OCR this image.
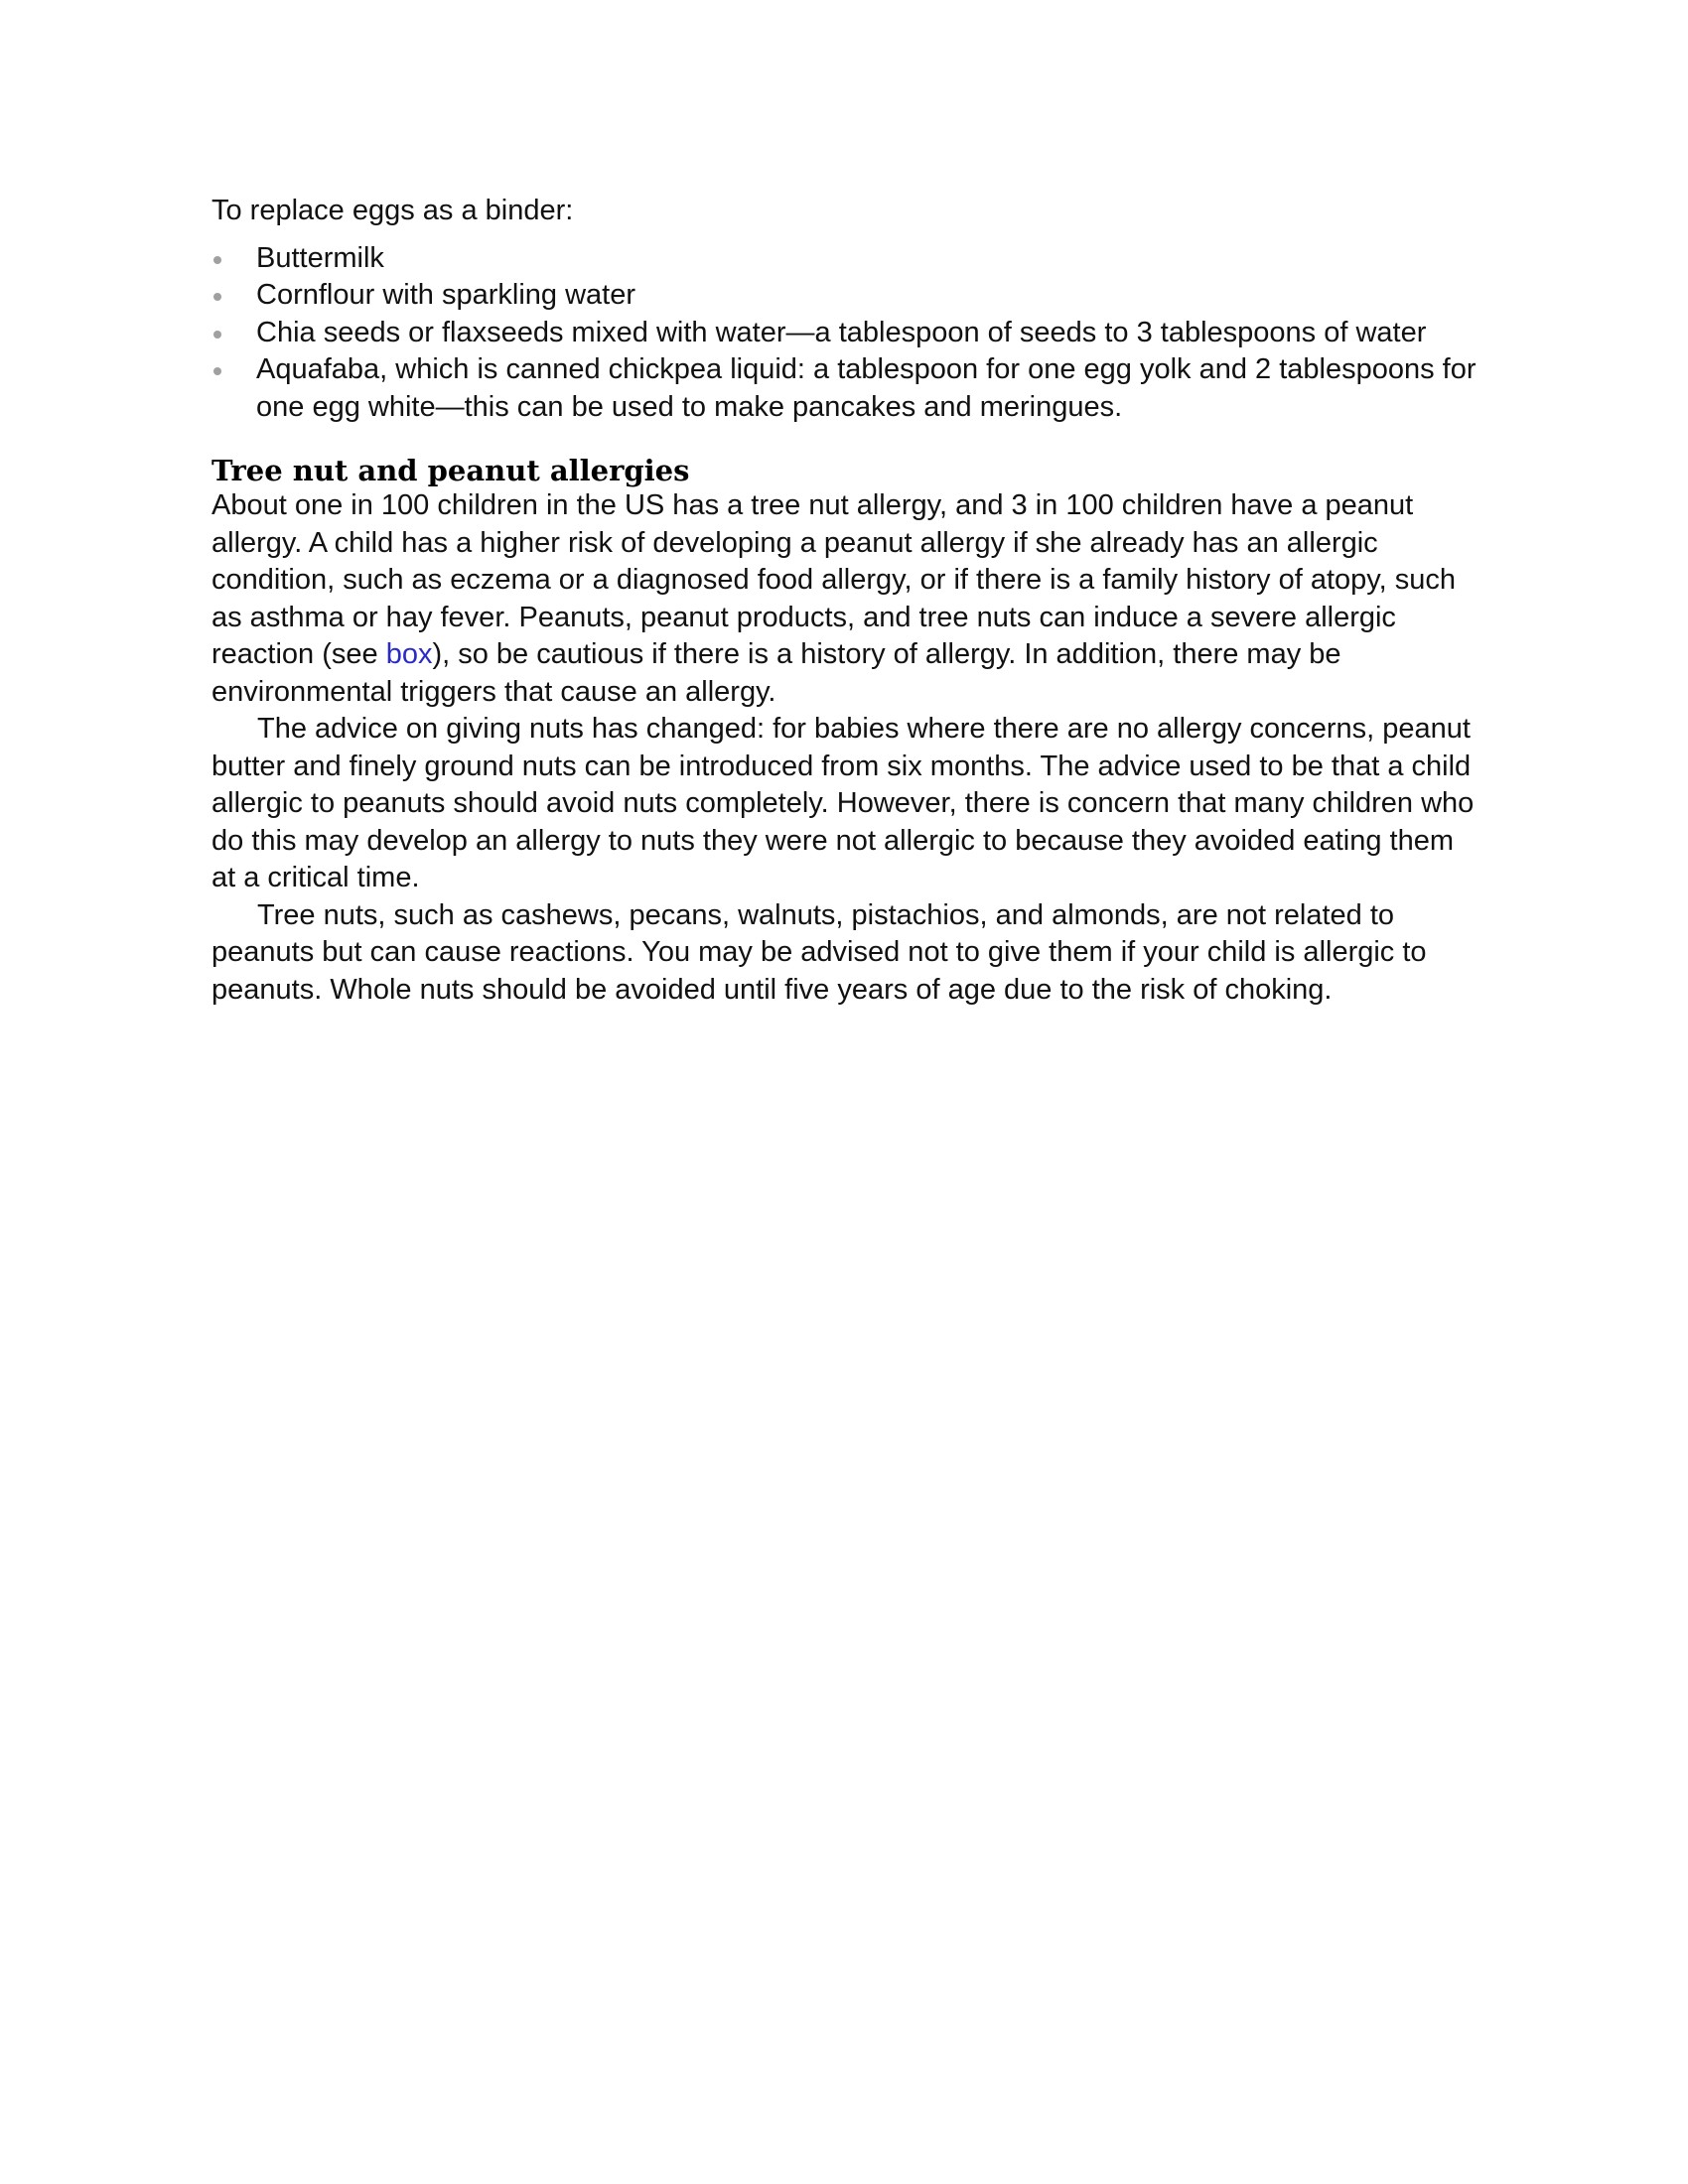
To replace eggs as a binder:

Buttermilk
Cornflour with sparkling water
Chia seeds or flaxseeds mixed with water—a tablespoon of seeds to 3 tablespoons of water
Aquafaba, which is canned chickpea liquid: a tablespoon for one egg yolk and 2 tablespoons for one egg white—this can be used to make pancakes and meringues.
Tree nut and peanut allergies

About one in 100 children in the US has a tree nut allergy, and 3 in 100 children have a peanut allergy. A child has a higher risk of developing a peanut allergy if she already has an allergic condition, such as eczema or a diagnosed food allergy, or if there is a family history of atopy, such as asthma or hay fever. Peanuts, peanut products, and tree nuts can induce a severe allergic reaction (see box), so be cautious if there is a history of allergy. In addition, there may be environmental triggers that cause an allergy.

The advice on giving nuts has changed: for babies where there are no allergy concerns, peanut butter and finely ground nuts can be introduced from six months. The advice used to be that a child allergic to peanuts should avoid nuts completely. However, there is concern that many children who do this may develop an allergy to nuts they were not allergic to because they avoided eating them at a critical time.

Tree nuts, such as cashews, pecans, walnuts, pistachios, and almonds, are not related to peanuts but can cause reactions. You may be advised not to give them if your child is allergic to peanuts. Whole nuts should be avoided until five years of age due to the risk of choking.
